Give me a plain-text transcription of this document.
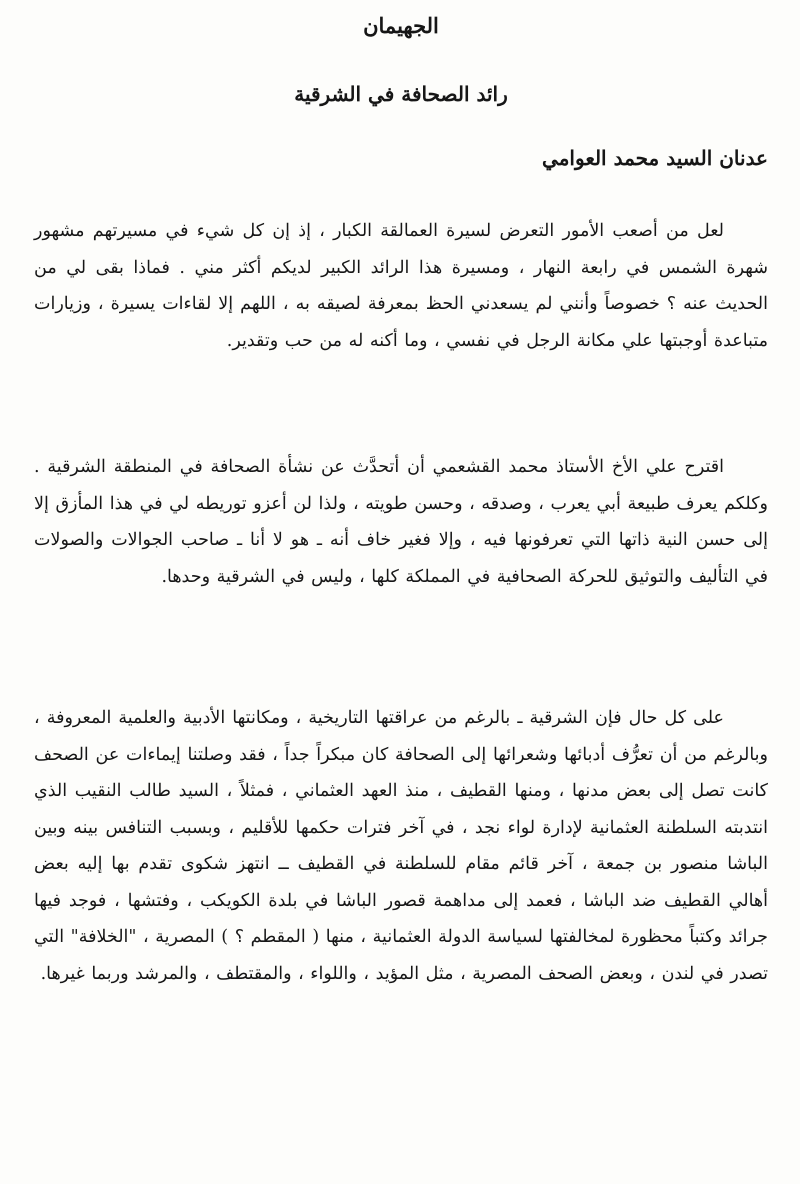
الجهيمان
رائد الصحافة في الشرقية

عدنان السيد محمد العوامي

لعل من أصعب الأمور التعرض لسيرة العمالقة الكبار ، إذ إن كل شيء في مسيرتهم مشهور شهرة الشمس في رابعة النهار ، ومسيرة هذا الرائد الكبير لديكم أكثر مني . فماذا بقى لي من الحديث عنه ؟ خصوصاً وأنني لم يسعدني الحظ بمعرفة لصيقه به ، اللهم إلا لقاءات يسيرة ، وزيارات متباعدة أوجبتها علي مكانة الرجل في نفسي ، وما أكنه له من حب وتقدير.

اقترح علي الأخ الأستاذ محمد القشعمي أن أتحدَّث عن نشأة الصحافة في المنطقة الشرقية . وكلكم يعرف طبيعة أبي يعرب ، وصدقه ، وحسن طويته ، ولذا لن أعزو توريطه لي في هذا المأزق إلا إلى حسن النية ذاتها التي تعرفونها فيه ، وإلا فغير خاف أنه ـ هو لا أنا ـ صاحب الجوالات والصولات في التأليف والتوثيق للحركة الصحافية في المملكة كلها ، وليس في الشرقية وحدها.

على كل حال فإن الشرقية ـ بالرغم من عراقتها التاريخية ، ومكانتها الأدبية والعلمية المعروفة ، وبالرغم من أن تعرُّف أدبائها وشعرائها إلى الصحافة كان مبكراً جداً ، فقد وصلتنا إيماءات عن الصحف كانت تصل إلى بعض مدنها ، ومنها القطيف ، منذ العهد العثماني ، فمثلاً ، السيد طالب النقيب الذي انتدبته السلطنة العثمانية لإدارة لواء نجد ، في آخر فترات حكمها للأقليم ، وبسبب التنافس بينه وبين الباشا منصور بن جمعة ، آخر قائم مقام للسلطنة في القطيف ــ انتهز شكوى تقدم بها إليه بعض أهالي القطيف ضد الباشا ، فعمد إلى مداهمة قصور الباشا في بلدة الكويكب ، وفتشها ، فوجد فيها جرائد وكتباً محظورة لمخالفتها لسياسة الدولة العثمانية ، منها ( المقطم ؟ ) المصرية ، "الخلافة" التي تصدر في لندن ، وبعض الصحف المصرية ، مثل المؤيد ، واللواء ، والمقتطف ، والمرشد وربما غيرها.
